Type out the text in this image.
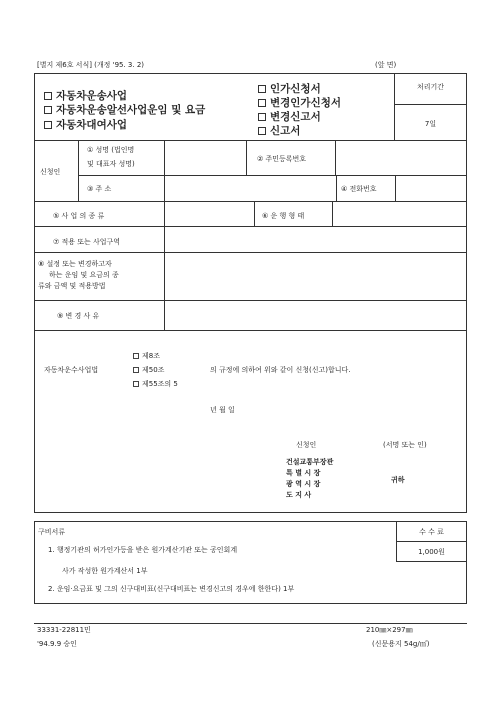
[별지 제6호 서식] (개정 '95. 3. 2)	(앞 면)
자동차운송사업
자동차운송알선사업운임 및 요금
자동차대여사업
인가신청서
변경인가신청서
변경신고서
신고서
처리기간
7일
신청인
① 성명 (법인명
및 대표자 성명)
② 주민등록번호
③ 주 소	④ 전화번호
⑤ 사 업 의 종 류	⑥ 운 행 형 태
⑦ 적용 또는 사업구역
⑧ 설정 또는 변경하고자
하는 운임 및 요금의 종
류와 금액 및 적용방법
⑨ 변 경 사 유
제8조
자동차운수사업법	제50조	의 규정에 의하여 위와 같이 신청(신고)합니다.
제55조의 5
년 월 일
신청인	(서명 또는 인)
건설교통부장관
특 별 시 장
광 역 시 장
도 지 사
귀하
구비서류	수 수 료
1,000원
1. 행정기관의 허가인가등을 받은 원가계산기관 또는 공인회계
사가 작성한 원가계산서 1부
2. 운임·요금표 및 그의 신구대비표(신구대비표는 변경신고의 경우에 한한다) 1부
33331-22811민	210㎜×297㎜
'94.9.9 승인	(신문용지 54g/㎡)
